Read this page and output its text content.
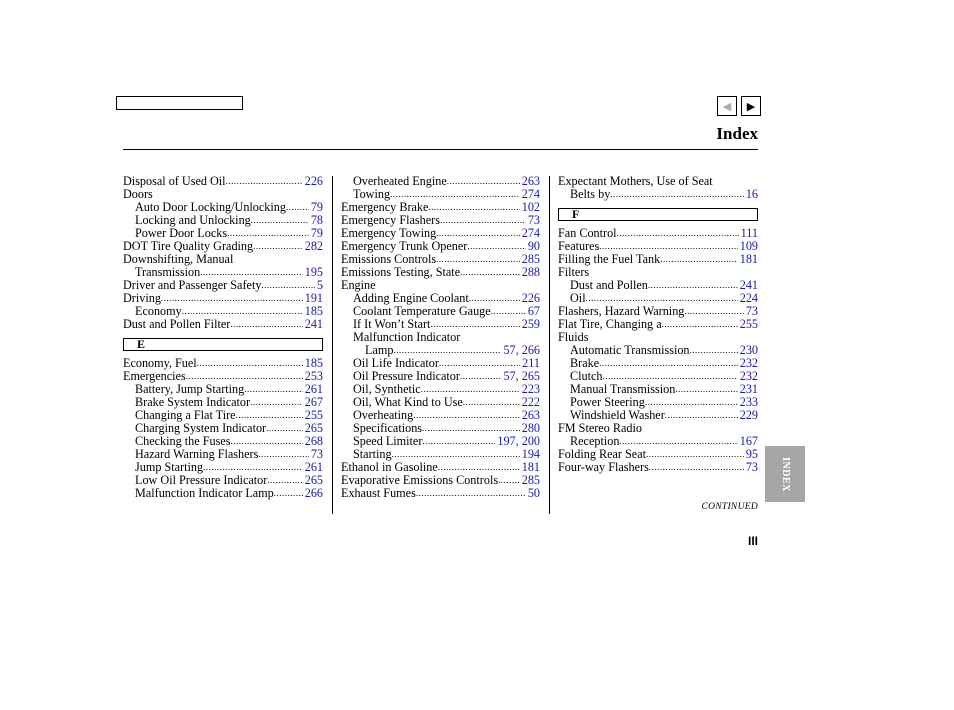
◀ ▶
Index
Disposal of Used Oil .....	226
Doors
Auto Door Locking/Unlocking ..... 79
Locking and Unlocking .....	78
Power Door Locks .....	79
DOT Tire Quality Grading .....	282
Downshifting, Manual
Transmission .....	195
Driver and Passenger Safety .....	5
Driving .....	191
Economy .....	185
Dust and Pollen Filter .....	241
E
Economy, Fuel .....	185
Emergencies .....	253
Battery, Jump Starting .....	261
Brake System Indicator .....	267
Changing a Flat Tire .....	255
Charging System Indicator .....	265
Checking the Fuses .....	268
Hazard Warning Flashers .....	73
Jump Starting .....	261
Low Oil Pressure Indicator .....	265
Malfunction Indicator Lamp .....	266
Overheated Engine .....	263
Towing .....	274
Emergency Brake .....	102
Emergency Flashers .....	73
Emergency Towing .....	274
Emergency Trunk Opener .....	90
Emissions Controls .....	285
Emissions Testing, State .....	288
Engine
Adding Engine Coolant .....	226
Coolant Temperature Gauge .....	67
If It Won’t Start .....	259
Malfunction Indicator
Lamp .....	57, 266
Oil Life Indicator .....	211
Oil Pressure Indicator .....	57, 265
Oil, Synthetic .....	223
Oil, What Kind to Use .....	222
Overheating .....	263
Specifications .....	280
Speed Limiter .....	197, 200
Starting .....	194
Ethanol in Gasoline .....	181
Evaporative Emissions Controls ..... 285
Exhaust Fumes .....	50
Expectant Mothers, Use of Seat
Belts by .....	16
F
Fan Control .....	111
Features .....	109
Filling the Fuel Tank .....	181
Filters
Dust and Pollen .....	241
Oil .....	224
Flashers, Hazard Warning .....	73
Flat Tire, Changing a .....	255
Fluids
Automatic Transmission .....	230
Brake .....	232
Clutch .....	232
Manual Transmission .....	231
Power Steering .....	233
Windshield Washer .....	229
FM Stereo Radio
Reception .....	167
Folding Rear Seat .....	95
Four-way Flashers .....	73
CONTINUED
INDEX
III
